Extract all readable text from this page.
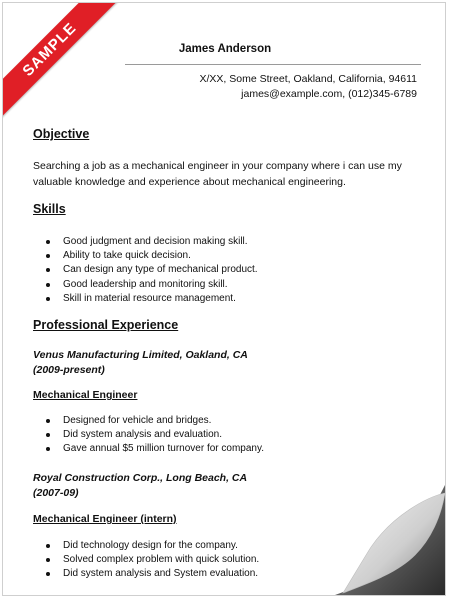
SAMPLE	James Anderson
X/XX, Some Street, Oakland, California, 94611
james@example.com, (012)345-6789
Objective
Searching a job as a mechanical engineer in your company where i can use my valuable knowledge and experience about mechanical engineering.
Skills
Good judgment and decision making skill.
Ability to take quick decision.
Can design any type of mechanical product.
Good leadership and monitoring skill.
Skill in material resource management.
Professional Experience
Venus Manufacturing Limited, Oakland, CA
(2009-present)
Mechanical Engineer
Designed for vehicle and bridges.
Did system analysis and evaluation.
Gave annual $5 million turnover for company.
Royal Construction Corp., Long Beach, CA
(2007-09)
Mechanical Engineer (intern)
Did technology design for the company.
Solved complex problem with quick solution.
Did system analysis and System evaluation.
